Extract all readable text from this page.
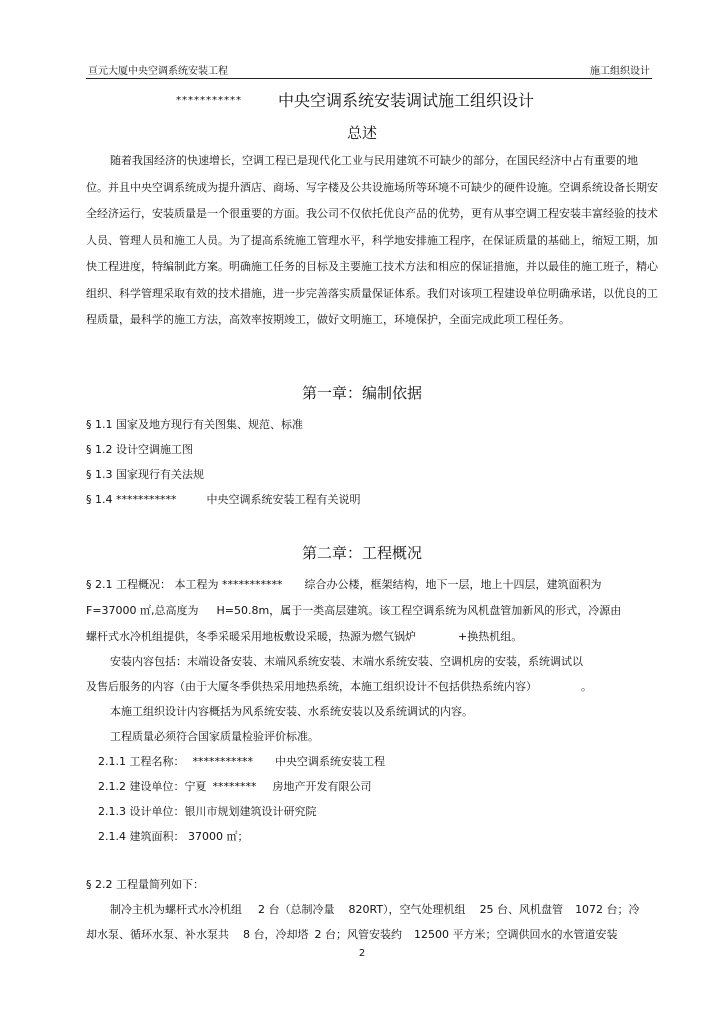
亘元大厦中央空调系统安装工程	施工组织设计
*********** 中央空调系统安装调试施工组织设计
总述

随着我国经济的快速增长，空调工程已是现代化工业与民用建筑不可缺少的部分，在国民经济中占有重要的地位。并且中央空调系统成为提升酒店、商场、写字楼及公共设施场所等环境不可缺少的硬件设施。空调系统设备长期安全经济运行，安装质量是一个很重要的方面。我公司不仅依托优良产品的优势，更有从事空调工程安装丰富经验的技术人员、管理人员和施工人员。为了提高系统施工管理水平，科学地安排施工程序，在保证质量的基础上，缩短工期，加快工程进度，特编制此方案。明确施工任务的目标及主要施工技术方法和相应的保证措施，并以最佳的施工班子，精心组织、科学管理采取有效的技术措施，进一步完善落实质量保证体系。我们对该项工程建设单位明确承诺，以优良的工程质量，最科学的施工方法，高效率按期竣工，做好文明施工，环境保护，全面完成此项工程任务。

第一章：编制依据
§ 1.1 国家及地方现行有关图集、规范、标准
§ 1.2 设计空调施工图
§ 1.3 国家现行有关法规
§ 1.4 ***********	中央空调系统安装工程有关说明
第二章：工程概况
§ 2.1 工程概况： 本工程为 *********** 综合办公楼，框架结构，地下一层，地上十四层，建筑面积为
F=37000 ㎡,总高度为 H=50.8m，属于一类高层建筑。该工程空调系统为风机盘管加新风的形式，冷源由
螺杆式水冷机组提供，冬季采暖采用地板敷设采暖，热源为燃气锅炉	+换热机组。
安装内容包括：末端设备安装、末端风系统安装、末端水系统安装、空调机房的安装，系统调试以
及售后服务的内容（由于大厦冬季供热采用地热系统，本施工组织设计不包括供热系统内容）	。
本施工组织设计内容概括为风系统安装、水系统安装以及系统调试的内容。
工程质量必须符合国家质量检验评价标准。
2.1.1 工程名称： *********** 中央空调系统安装工程
2.1.2 建设单位：宁夏 ******** 房地产开发有限公司
2.1.3 设计单位：银川市规划建筑设计研究院
2.1.4 建筑面积： 37000 ㎡；
§ 2.2 工程量简列如下：
制冷主机为螺杆式水冷机组 2 台（总制冷量 820RT），空气处理机组 25 台、风机盘管 1072 台；冷
却水泵、循环水泵、补水泵共 8 台，冷却塔 2 台；风管安装约 12500 平方米；空调供回水的水管道安装
2
